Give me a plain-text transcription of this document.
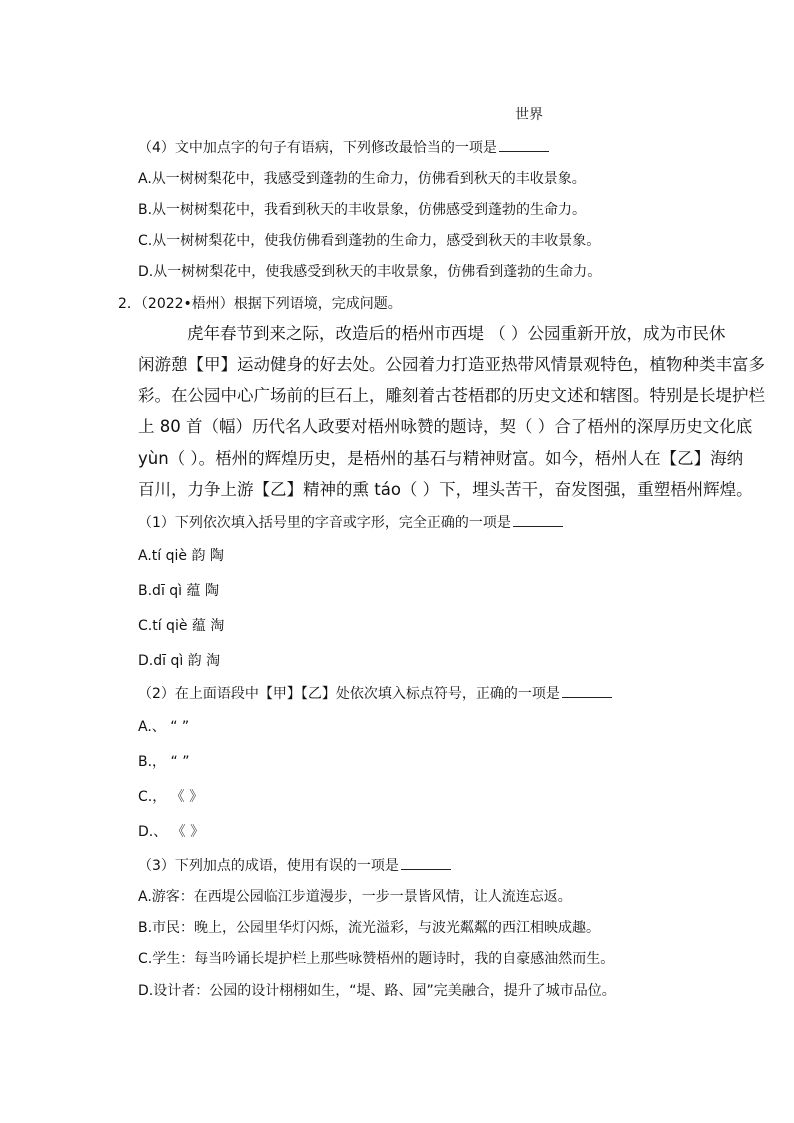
世界
（4）文中加点字的句子有语病，下列修改最恰当的一项是
A.从一树树梨花中，我感受到蓬勃的生命力，仿佛看到秋天的丰收景象。
B.从一树树梨花中，我看到秋天的丰收景象，仿佛感受到蓬勃的生命力。
C.从一树树梨花中，使我仿佛看到蓬勃的生命力，感受到秋天的丰收景象。
D.从一树树梨花中，使我感受到秋天的丰收景象，仿佛看到蓬勃的生命力。
2．（2022•梧州）根据下列语境，完成问题。
虎年春节到来之际，改造后的梧州市西堤 （ ）公园重新开放，成为市民休
闲游憩【甲】运动健身的好去处。公园着力打造亚热带风情景观特色，植物种类丰富多
彩。在公园中心广场前的巨石上，雕刻着古苍梧郡的历史文述和辖图。特别是长堤护栏
上 80 首（幅）历代名人政要对梧州咏赞的题诗，契（ ）合了梧州的深厚历史文化底
yùn（ ）。梧州的辉煌历史，是梧州的基石与精神财富。如今，梧州人在【乙】海纳
百川，力争上游【乙】精神的熏 táo（ ）下，埋头苦干，奋发图强，重塑梧州辉煌。
（1）下列依次填入括号里的字音或字形，完全正确的一项是
A.tí qiè 韵 陶
B.dī qì 蕴 陶
C.tí qiè 蕴 淘
D.dī qì 韵 淘
（2）在上面语段中【甲】【乙】处依次填入标点符号，正确的一项是
A.、 “ ”
B.， “ ”
C.， 《 》
D.、 《 》
（3）下列加点的成语，使用有误的一项是
A.游客：在西堤公园临江步道漫步，一步一景皆风情，让人流连忘返。
B.市民：晚上，公园里华灯闪烁，流光溢彩，与波光粼粼的西江相映成趣。
C.学生：每当吟诵长堤护栏上那些咏赞梧州的题诗时，我的自豪感油然而生。
D.设计者：公园的设计栩栩如生，“堤、路、园”完美融合，提升了城市品位。
